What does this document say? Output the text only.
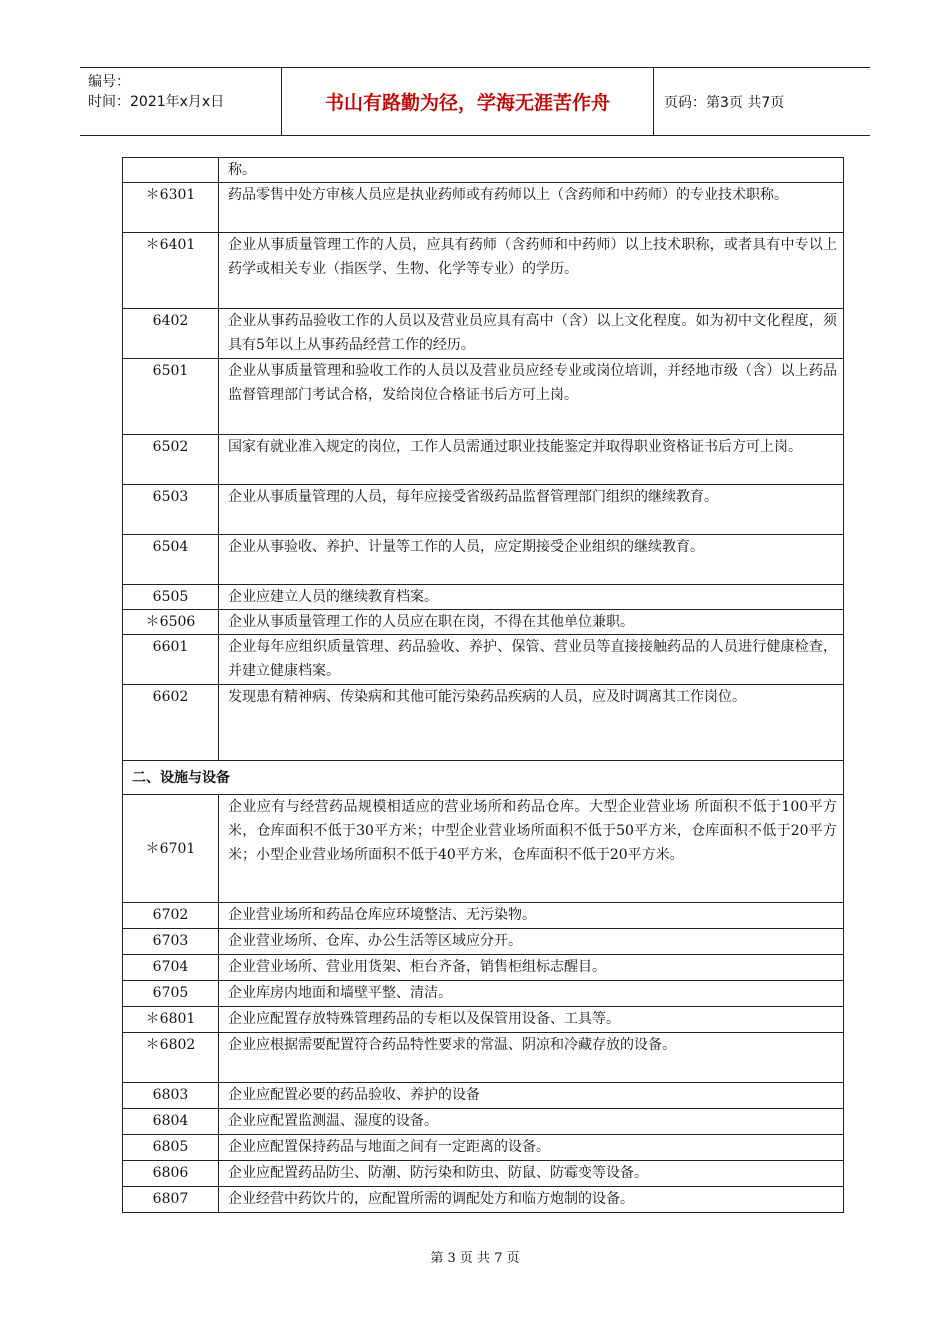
编号：
时间：2021年x月x日	书山有路勤为径，学海无涯苦作舟	页码：第3页 共7页
	称。
＊6301	药品零售中处方审核人员应是执业药师或有药师以上（含药师和中药师）的专业技术职称。
＊6401	企业从事质量管理工作的人员，应具有药师（含药师和中药师）以上技术职称，或者具有中专以上药学或相关专业（指医学、生物、化学等专业）的学历。
6402	企业从事药品验收工作的人员以及营业员应具有高中（含）以上文化程度。如为初中文化程度，须具有5年以上从事药品经营工作的经历。
6501	企业从事质量管理和验收工作的人员以及营业员应经专业或岗位培训，并经地市级（含）以上药品监督管理部门考试合格，发给岗位合格证书后方可上岗。
6502	国家有就业准入规定的岗位，工作人员需通过职业技能鉴定并取得职业资格证书后方可上岗。
6503	企业从事质量管理的人员，每年应接受省级药品监督管理部门组织的继续教育。
6504	企业从事验收、养护、计量等工作的人员，应定期接受企业组织的继续教育。
6505	企业应建立人员的继续教育档案。
＊6506	企业从事质量管理工作的人员应在职在岗，不得在其他单位兼职。
6601	企业每年应组织质量管理、药品验收、养护、保管、营业员等直接接触药品的人员进行健康检查，并建立健康档案。
6602	发现患有精神病、传染病和其他可能污染药品疾病的人员，应及时调离其工作岗位。
二、设施与设备	
＊6701	企业应有与经营药品规模相适应的营业场所和药品仓库。大型企业营业场 所面积不低于100平方米，仓库面积不低于30平方米；中型企业营业场所面积不低于50平方米，仓库面积不低于20平方米；小型企业营业场所面积不低于40平方米，仓库面积不低于20平方米。
6702	企业营业场所和药品仓库应环境整洁、无污染物。
6703	企业营业场所、仓库、办公生活等区域应分开。
6704	企业营业场所、营业用货架、柜台齐备，销售柜组标志醒目。
6705	企业库房内地面和墙壁平整、清洁。
＊6801	企业应配置存放特殊管理药品的专柜以及保管用设备、工具等。
＊6802	企业应根据需要配置符合药品特性要求的常温、阴凉和冷藏存放的设备。
6803	企业应配置必要的药品验收、养护的设备
6804	企业应配置监测温、湿度的设备。
6805	企业应配置保持药品与地面之间有一定距离的设备。
6806	企业应配置药品防尘、防潮、防污染和防虫、防鼠、防霉变等设备。
6807	企业经营中药饮片的，应配置所需的调配处方和临方炮制的设备。
第 3 页 共 7 页
